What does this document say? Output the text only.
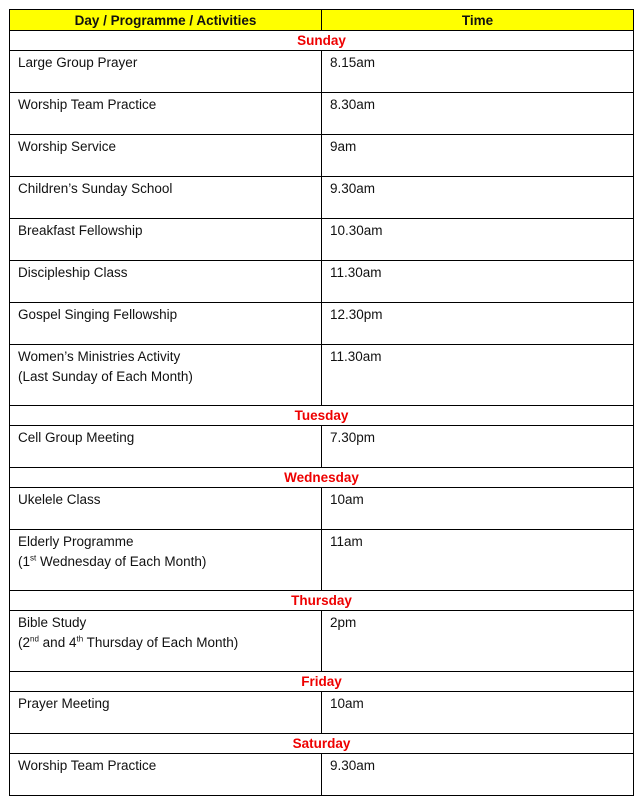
Day / Programme / Activities	Time
Sunday	
Large Group Prayer	8.15am
Worship Team Practice	8.30am
Worship Service	9am
Children’s Sunday School	9.30am
Breakfast Fellowship	10.30am
Discipleship Class	11.30am
Gospel Singing Fellowship	12.30pm

Women’s Ministries Activity
(Last Sunday of Each Month)	11.30am
Tuesday	
Cell Group Meeting	7.30pm
Wednesday	
Ukelele Class	10am

Elderly Programme
(1st Wednesday of Each Month)	11am
Thursday	

Bible Study
(2nd and 4th Thursday of Each Month)	2pm
Friday	
Prayer Meeting	10am
Saturday	
Worship Team Practice	9.30am
